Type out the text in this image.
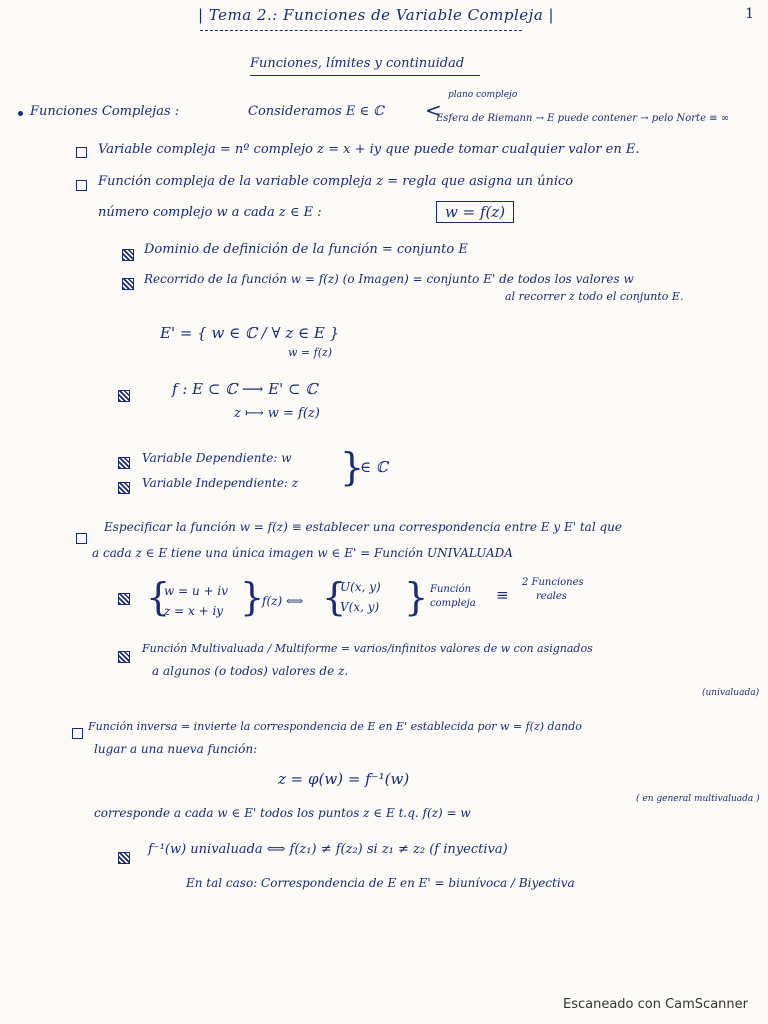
| Tema 2.: Funciones de Variable Compleja |	1
Funciones, límites y continuidad
Funciones Complejas :	Consideramos E ∈ ℂ
plano complejo
<
Esfera de Riemann → E puede contener → pelo Norte ≡ ∞
Variable compleja = nº complejo z = x + iy que puede tomar cualquier valor en E.
Función compleja de la variable compleja z = regla que asigna un único
número complejo w a cada z ∈ E :	w = f(z)
Dominio de definición de la función = conjunto E
Recorrido de la función w = f(z) (o Imagen) = conjunto E' de todos los valores w
al recorrer z todo el conjunto E.
E' = { w ∈ ℂ / ∀ z ∈ E }
w = f(z)
f : E ⊂ ℂ ⟶ E' ⊂ ℂ
z ⟼ w = f(z)
Variable Dependiente: w
Variable Independiente: z }
∈ ℂ
Especificar la función w = f(z) ≡ establecer una correspondencia entre E y E' tal que
a cada z ∈ E tiene una única imagen w ∈ E' = Función UNIVALUADA
{
w = u + iv
z = x + iy }
f(z) ⟺ {
U(x, y)
V(x, y) } Función
compleja ≡
2 Funciones
reales
Función Multivaluada / Multiforme = varios/infinitos valores de w con asignados
a algunos (o todos) valores de z.
(univaluada)
Función inversa = invierte la correspondencia de E en E' establecida por w = f(z) dando
lugar a una nueva función:
z = φ(w) = f⁻¹(w)
corresponde a cada w ∈ E' todos los puntos z ∈ E t.q. f(z) = w
( en general multivaluada )
f⁻¹(w) univaluada ⟺ f(z₁) ≠ f(z₂) si z₁ ≠ z₂ (f inyectiva)
En tal caso: Correspondencia de E en E' = biunívoca / Biyectiva

Escaneado con CamScanner
